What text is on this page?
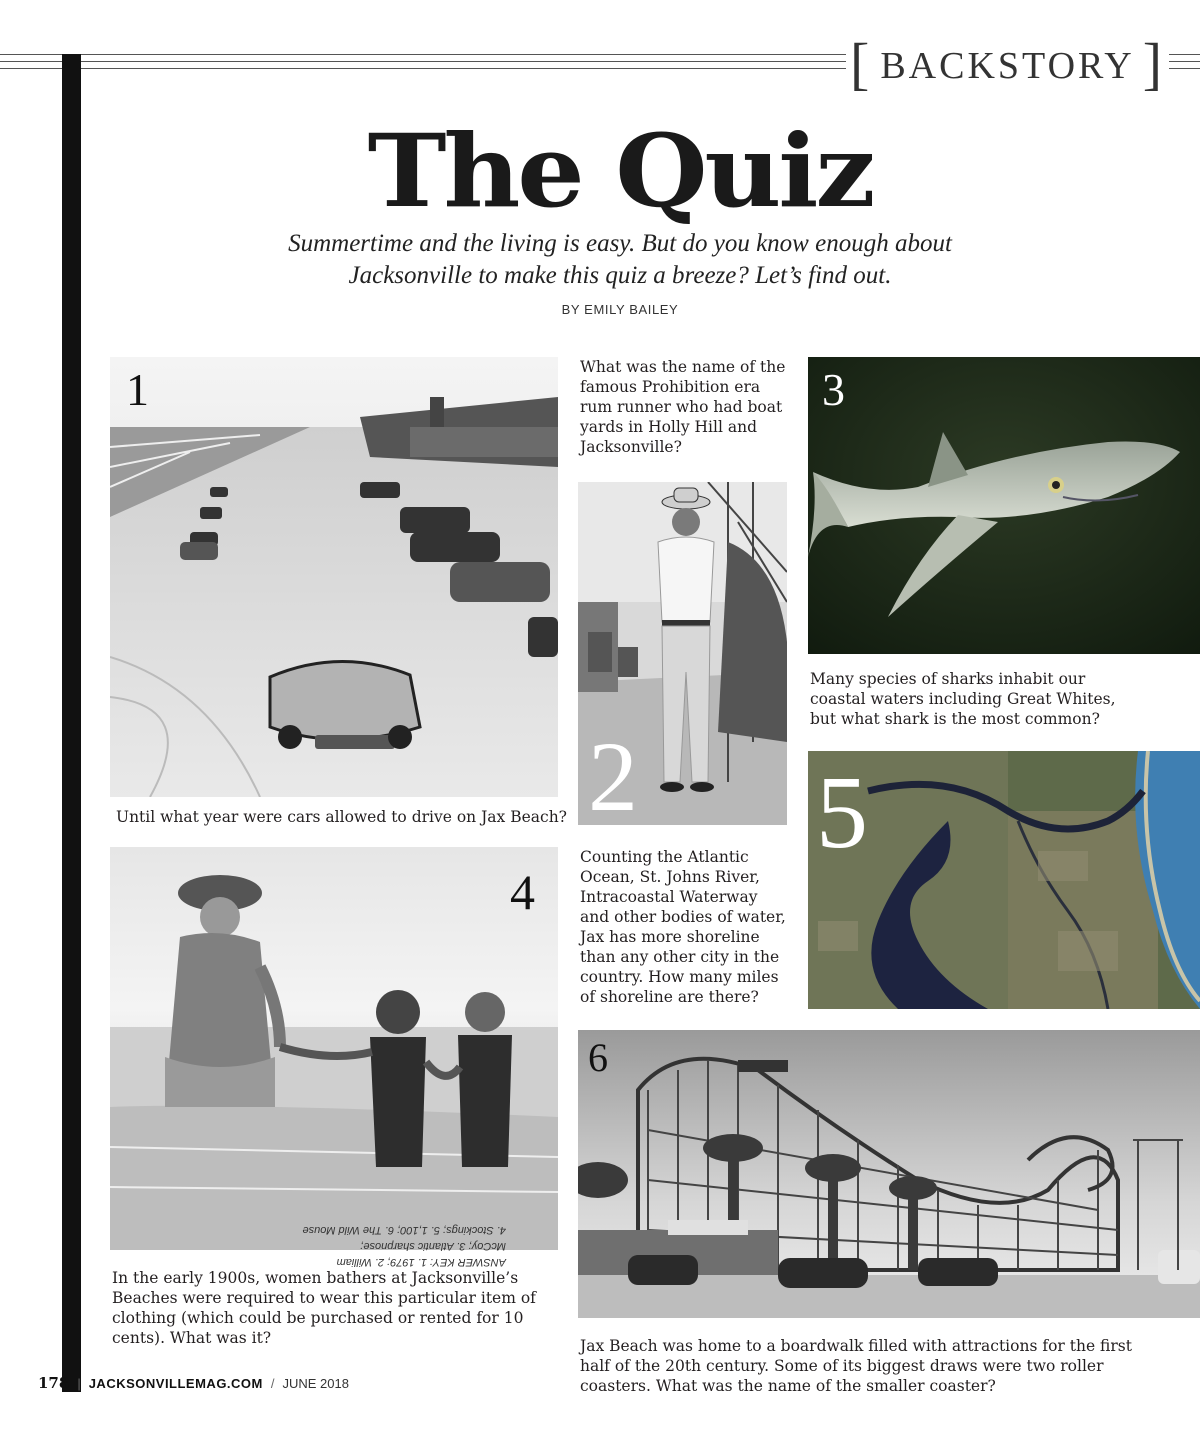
[ BACKSTORY ]
The Quiz
Summertime and the living is easy. But do you know enough about
Jacksonville to make this quiz a breeze? Let’s find out.
BY EMILY BAILEY
1
Until what year were cars allowed to drive on Jax Beach?
What was the name of the famous Prohibition era rum runner who had boat yards in Holly Hill and Jacksonville?
2
3
Many species of sharks inhabit our coastal waters including Great Whites, but what shark is the most common?
5
Counting the Atlantic Ocean, St. Johns River, Intracoastal Waterway and other bodies of water, Jax has more shoreline than any other city in the country. How many miles of shoreline are there?
4
In the early 1900s, women bathers at Jacksonville’s Beaches were required to wear this particular item of clothing (which could be purchased or rented for 10 cents). What was it?
6
Jax Beach was home to a boardwalk filled with attractions for the first half of the 20th century. Some of its biggest draws were two roller coasters. What was the name of the smaller coaster?
ANSWER KEY: 1. 1979; 2. William McCoy; 3. Atlantic sharpnose;
4. Stockings; 5. 1,100; 6. The Wild Mouse
178 | JACKSONVILLEMAG.COM / JUNE 2018
